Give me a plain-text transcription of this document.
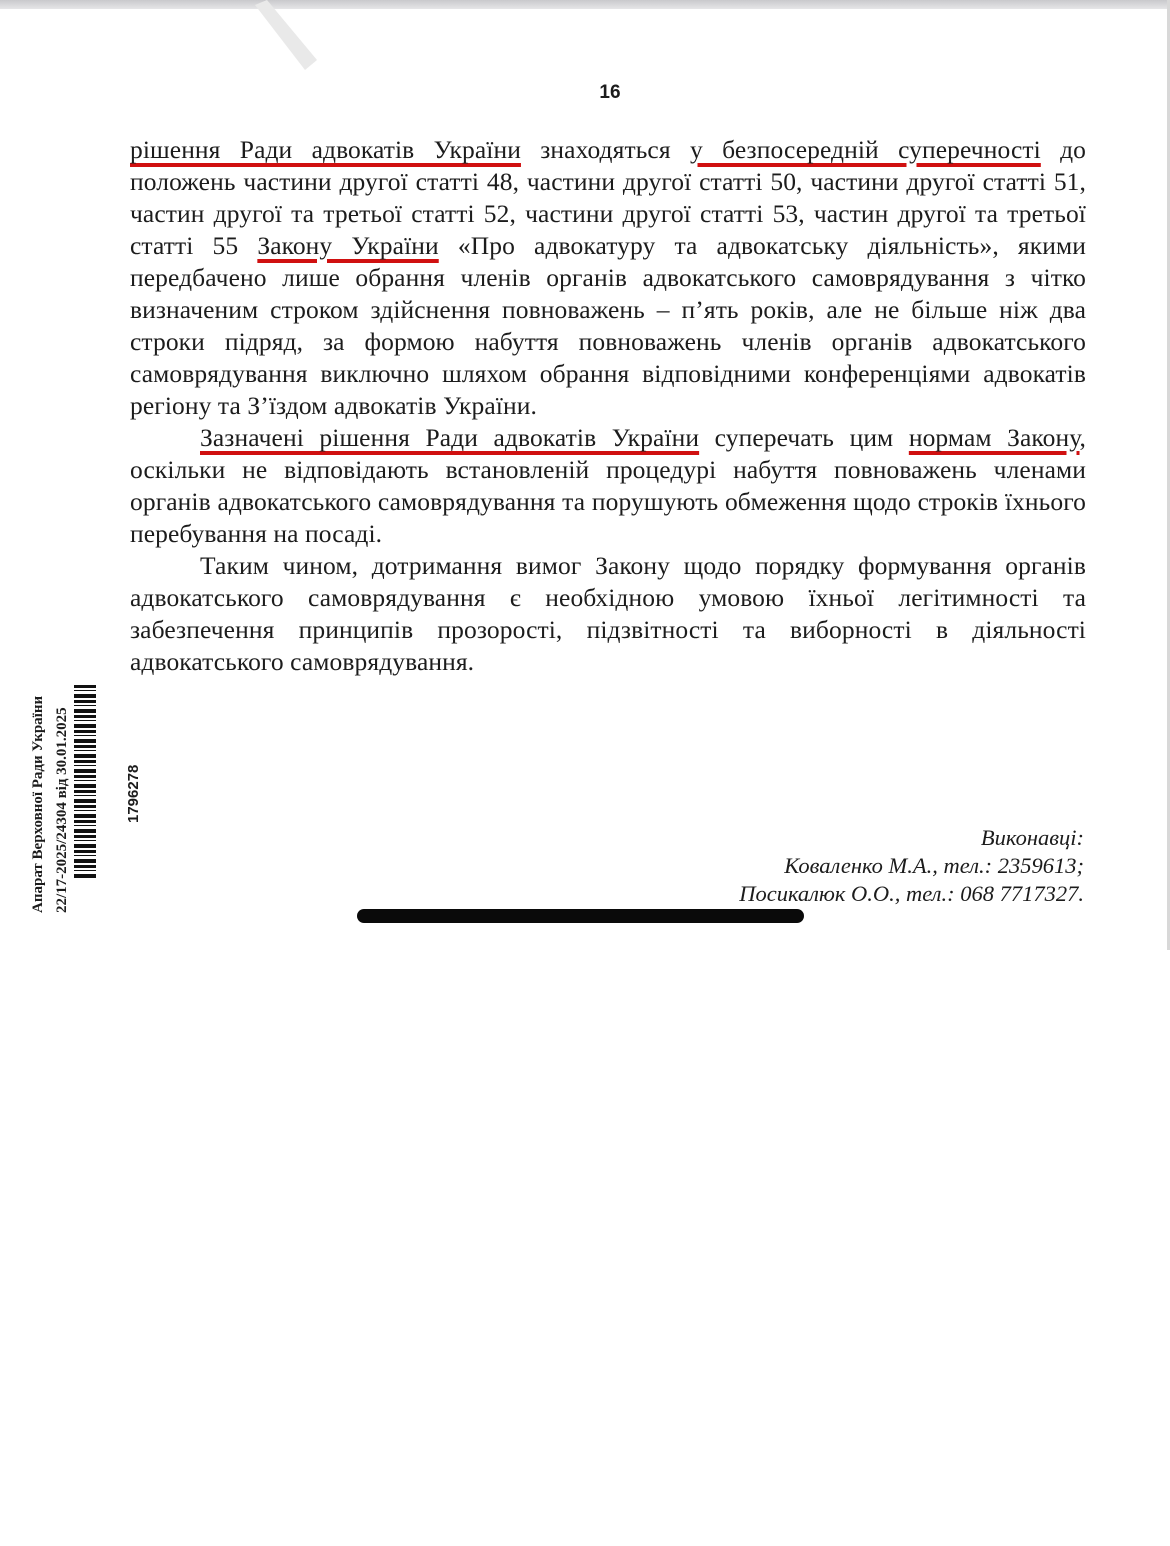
16

рішення Ради адвокатів України знаходяться у безпосередній суперечності до положень частини другої статті 48, частини другої статті 50, частини другої статті 51, частин другої та третьої статті 52, частини другої статті 53, частин другої та третьої статті 55 Закону України «Про адвокатуру та адвокатську діяльність», якими передбачено лише обрання членів органів адвокатського самоврядування з чітко визначеним строком здійснення повноважень – п’ять років, але не більше ніж два строки підряд, за формою набуття повноважень членів органів адвокатського самоврядування виключно шляхом обрання відповідними конференціями адвокатів регіону та З’їздом адвокатів України.

Зазначені рішення Ради адвокатів України суперечать цим нормам Закону, оскільки не відповідають встановленій процедурі набуття повноважень членами органів адвокатського самоврядування та порушують обмеження щодо строків їхнього перебування на посаді.

Таким чином, дотримання вимог Закону щодо порядку формування органів адвокатського самоврядування є необхідною умовою їхньої легітимності та забезпечення принципів прозорості, підзвітності та виборності в діяльності адвокатського самоврядування.

Апарат Верховної Ради України 22/17-2025/24304 від 30.01.2025	1796278
Виконавці:
Коваленко М.А., тел.: 2359613;
Посикалюк О.О., тел.: 068 7717327.
